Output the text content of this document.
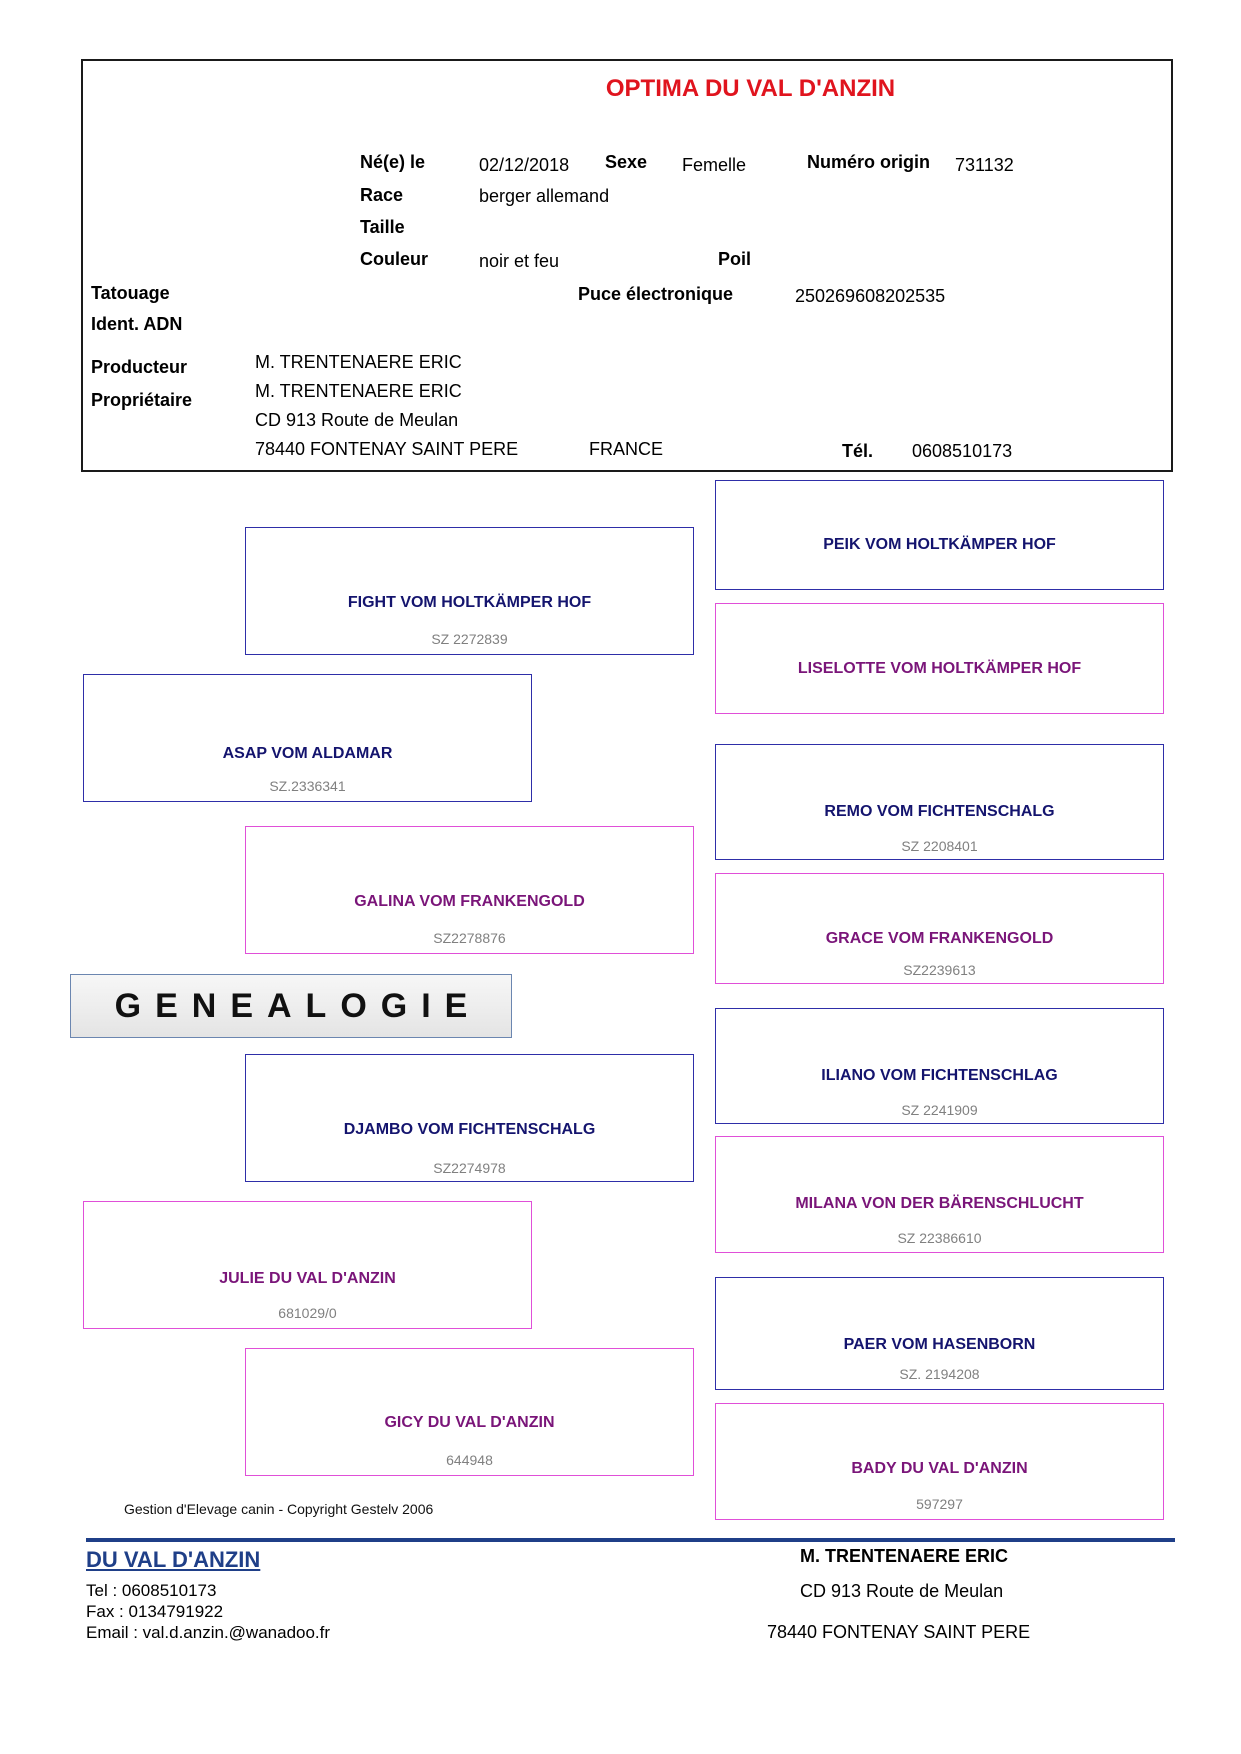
OPTIMA DU VAL D'ANZIN
Né(e) le	02/12/2018 Sexe Femelle	Numéro origin 731132
Race	berger allemand
Taille
Couleur	noir et feu	Poil
Tatouage	Puce électronique	250269608202535
Ident. ADN
Producteur	M. TRENTENAERE ERIC
Propriétaire	M. TRENTENAERE ERIC
CD 913 Route de Meulan
78440 FONTENAY SAINT PERE	FRANCE	Tél. 0608510173
ASAP VOM ALDAMAR
SZ.2336341
JULIE DU VAL D'ANZIN
681029/0
FIGHT VOM HOLTKÄMPER HOF
SZ 2272839
GALINA VOM FRANKENGOLD
SZ2278876
DJAMBO VOM FICHTENSCHALG
SZ2274978
GICY DU VAL D'ANZIN
644948
PEIK VOM HOLTKÄMPER HOF
LISELOTTE VOM HOLTKÄMPER HOF
REMO VOM FICHTENSCHALG
SZ 2208401
GRACE VOM FRANKENGOLD
SZ2239613
ILIANO VOM FICHTENSCHLAG
SZ 2241909
MILANA VON DER BÄRENSCHLUCHT
SZ 22386610
PAER VOM HASENBORN
SZ. 2194208
BADY DU VAL D'ANZIN
597297
GENEALOGIE
Gestion d'Elevage canin - Copyright Gestelv 2006
DU VAL D'ANZIN
Tel : 0608510173
Fax : 0134791922
Email : val.d.anzin.@wanadoo.fr
M. TRENTENAERE ERIC
CD 913 Route de Meulan
78440 FONTENAY SAINT PERE
